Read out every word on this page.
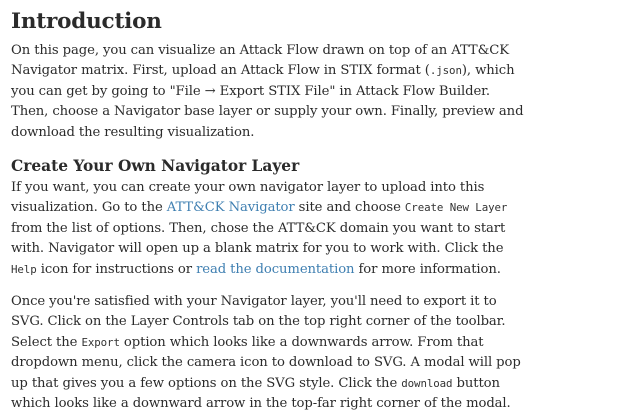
Introduction

On this page, you can visualize an Attack Flow drawn on top of an ATT&CK Navigator matrix. First, upload an Attack Flow in STIX format (.json), which you can get by going to "File → Export STIX File" in Attack Flow Builder. Then, choose a Navigator base layer or supply your own. Finally, preview and download the resulting visualization.

Create Your Own Navigator Layer

If you want, you can create your own navigator layer to upload into this visualization. Go to the ATT&CK Navigator site and choose Create New Layer from the list of options. Then, chose the ATT&CK domain you want to start with. Navigator will open up a blank matrix for you to work with. Click the Help icon for instructions or read the documentation for more information.

Once you're satisfied with your Navigator layer, you'll need to export it to SVG. Click on the Layer Controls tab on the top right corner of the toolbar. Select the Export option which looks like a downwards arrow. From that dropdown menu, click the camera icon to download to SVG. A modal will pop up that gives you a few options on the SVG style. Click the download button which looks like a downward arrow in the top-far right corner of the modal.
